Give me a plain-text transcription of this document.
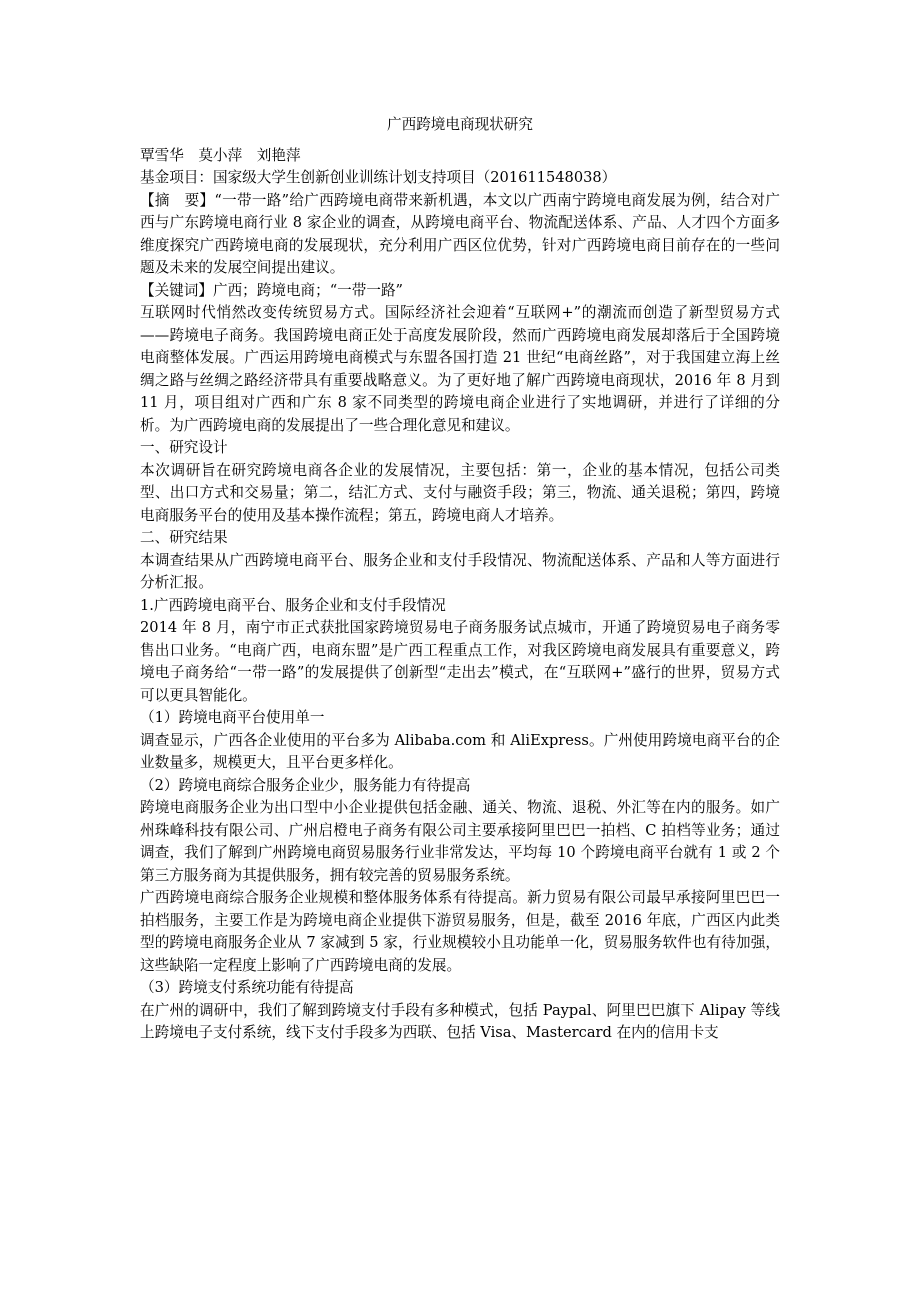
广西跨境电商现状研究

覃雪华　莫小萍　刘艳萍

基金项目：国家级大学生创新创业训练计划支持项目（201611548038）

【摘　要】“一带一路”给广西跨境电商带来新机遇，本文以广西南宁跨境电商发展为例，结合对广西与广东跨境电商行业 8 家企业的调查，从跨境电商平台、物流配送体系、产品、人才四个方面多维度探究广西跨境电商的发展现状，充分利用广西区位优势，针对广西跨境电商目前存在的一些问题及未来的发展空间提出建议。

【关键词】广西；跨境电商；“一带一路”

互联网时代悄然改变传统贸易方式。国际经济社会迎着“互联网+”的潮流而创造了新型贸易方式——跨境电子商务。我国跨境电商正处于高度发展阶段，然而广西跨境电商发展却落后于全国跨境电商整体发展。广西运用跨境电商模式与东盟各国打造 21 世纪“电商丝路”，对于我国建立海上丝绸之路与丝绸之路经济带具有重要战略意义。为了更好地了解广西跨境电商现状，2016 年 8 月到 11 月，项目组对广西和广东 8 家不同类型的跨境电商企业进行了实地调研，并进行了详细的分析。为广西跨境电商的发展提出了一些合理化意见和建议。

一、研究设计

本次调研旨在研究跨境电商各企业的发展情况，主要包括：第一，企业的基本情况，包括公司类型、出口方式和交易量；第二，结汇方式、支付与融资手段；第三，物流、通关退税；第四，跨境电商服务平台的使用及基本操作流程；第五，跨境电商人才培养。

二、研究结果

本调查结果从广西跨境电商平台、服务企业和支付手段情况、物流配送体系、产品和人等方面进行分析汇报。

1.广西跨境电商平台、服务企业和支付手段情况

2014 年 8 月，南宁市正式获批国家跨境贸易电子商务服务试点城市，开通了跨境贸易电子商务零售出口业务。“电商广西，电商东盟”是广西工程重点工作，对我区跨境电商发展具有重要意义，跨境电子商务给“一带一路”的发展提供了创新型“走出去”模式，在“互联网+”盛行的世界，贸易方式可以更具智能化。

（1）跨境电商平台使用单一

调查显示，广西各企业使用的平台多为 Alibaba.com 和 AliExpress。广州使用跨境电商平台的企业数量多，规模更大，且平台更多样化。

（2）跨境电商综合服务企业少，服务能力有待提高

跨境电商服务企业为出口型中小企业提供包括金融、通关、物流、退税、外汇等在内的服务。如广州珠峰科技有限公司、广州启橙电子商务有限公司主要承接阿里巴巴一拍档、C 拍档等业务；通过调查，我们了解到广州跨境电商贸易服务行业非常发达，平均每 10 个跨境电商平台就有 1 或 2 个第三方服务商为其提供服务，拥有较完善的贸易服务系统。

广西跨境电商综合服务企业规模和整体服务体系有待提高。新力贸易有限公司最早承接阿里巴巴一拍档服务，主要工作是为跨境电商企业提供下游贸易服务，但是，截至 2016 年底，广西区内此类型的跨境电商服务企业从 7 家减到 5 家，行业规模较小且功能单一化，贸易服务软件也有待加强，这些缺陷一定程度上影响了广西跨境电商的发展。

（3）跨境支付系统功能有待提高

在广州的调研中，我们了解到跨境支付手段有多种模式，包括 Paypal、阿里巴巴旗下 Alipay 等线上跨境电子支付系统，线下支付手段多为西联、包括 Visa、Mastercard 在内的信用卡支
